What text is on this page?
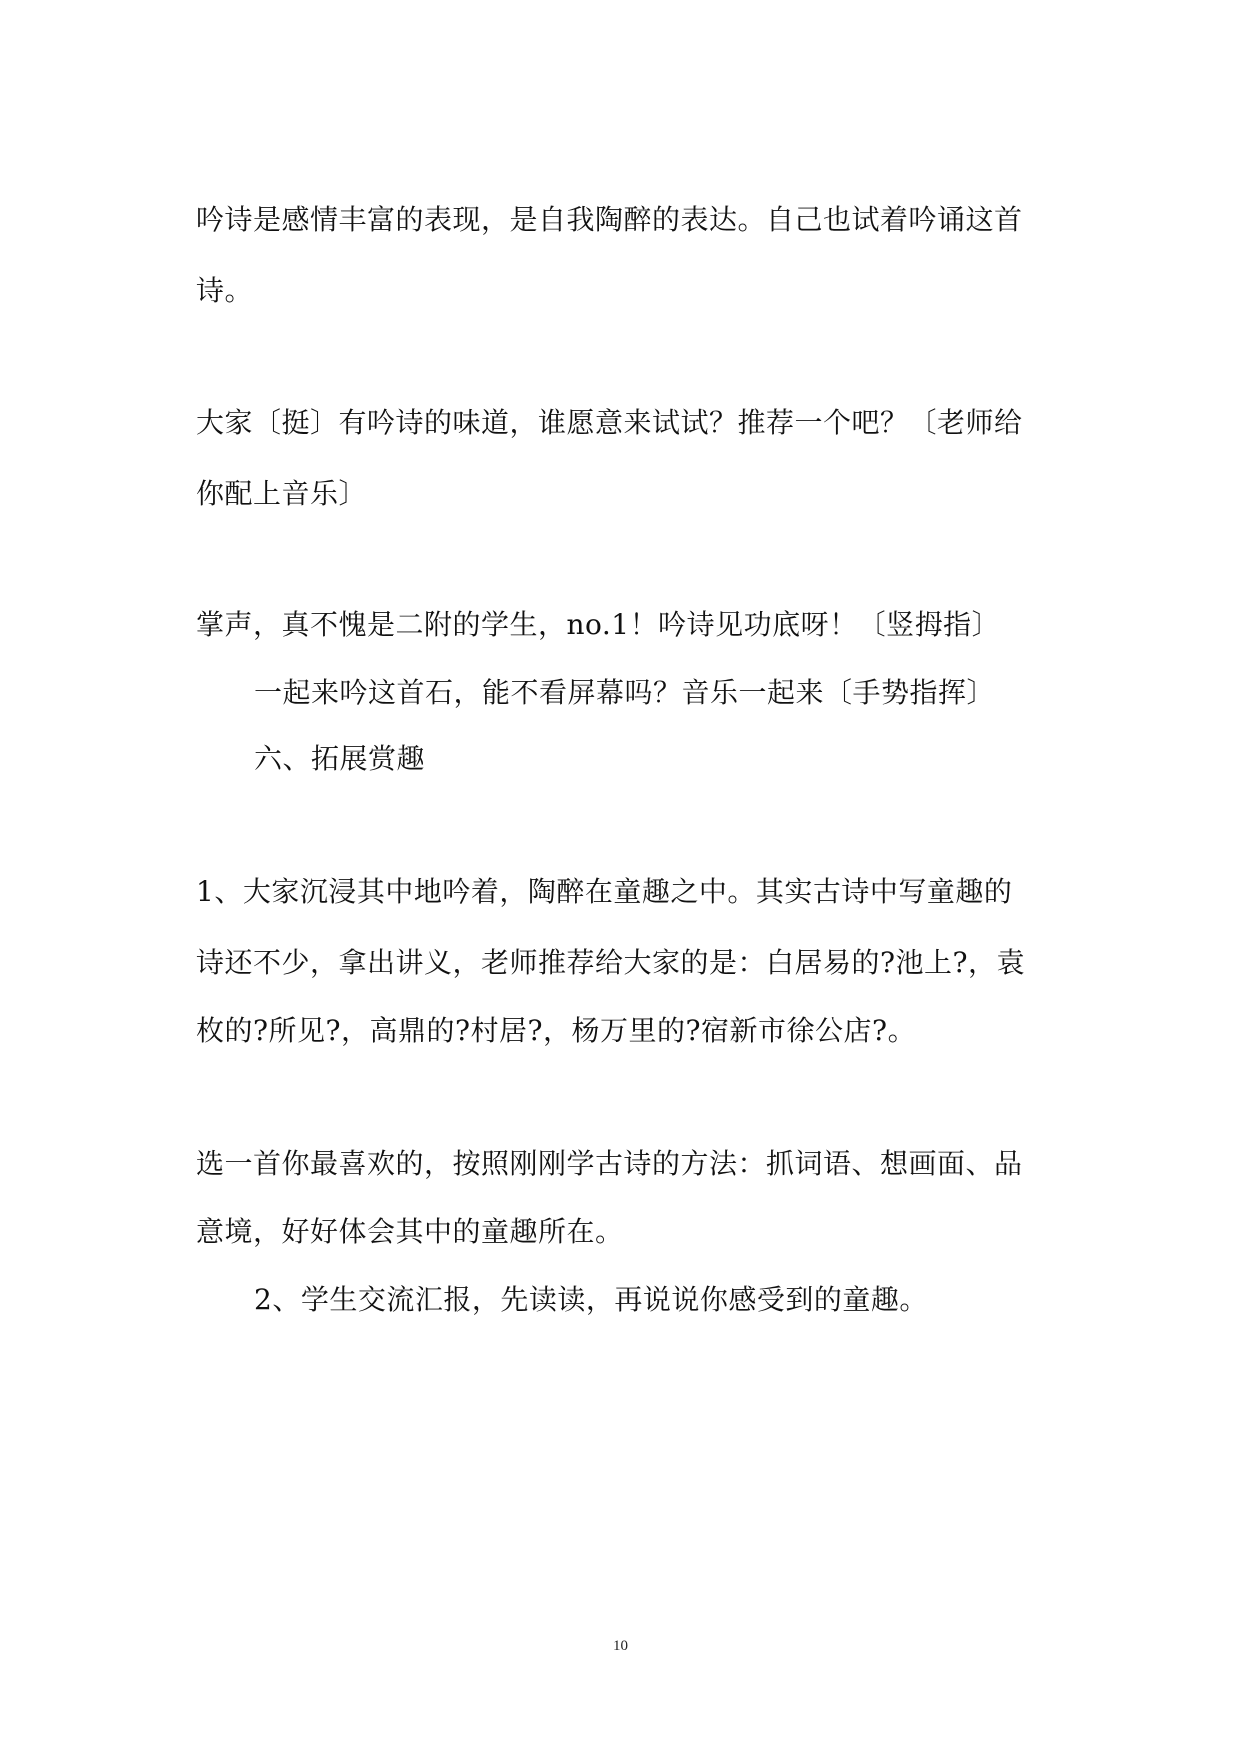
吟诗是感情丰富的表现，是自我陶醉的表达。自己也试着吟诵这首
诗。
大家〔挺〕有吟诗的味道，谁愿意来试试？推荐一个吧？〔老师给
你配上音乐〕
掌声，真不愧是二附的学生，no.1！吟诗见功底呀！〔竖拇指〕
一起来吟这首石，能不看屏幕吗？音乐一起来〔手势指挥〕
六、拓展赏趣
1、大家沉浸其中地吟着，陶醉在童趣之中。其实古诗中写童趣的
诗还不少，拿出讲义，老师推荐给大家的是：白居易的?池上?，袁
枚的?所见?，高鼎的?村居?，杨万里的?宿新市徐公店?。
选一首你最喜欢的，按照刚刚学古诗的方法：抓词语、想画面、品
意境，好好体会其中的童趣所在。
2、学生交流汇报，先读读，再说说你感受到的童趣。
10
